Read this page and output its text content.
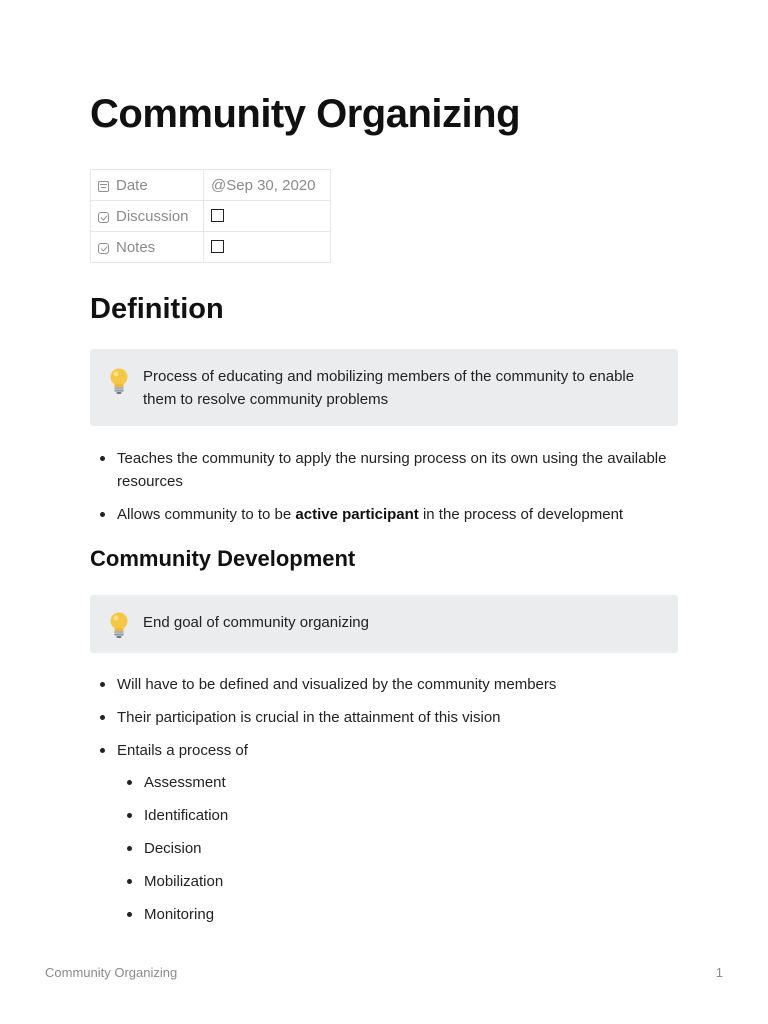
Community Organizing
Date	@Sep 30, 2020
Discussion	
Notes	
Definition
Process of educating and mobilizing members of the community to enable them to resolve community problems
Teaches the community to apply the nursing process on its own using the available resources
Allows community to to be active participant in the process of development
Community Development
End goal of community organizing
Will have to be defined and visualized by the community members
Their participation is crucial in the attainment of this vision
Entails a process of
Assessment
Identification
Decision
Mobilization
Monitoring
Community Organizing	1
